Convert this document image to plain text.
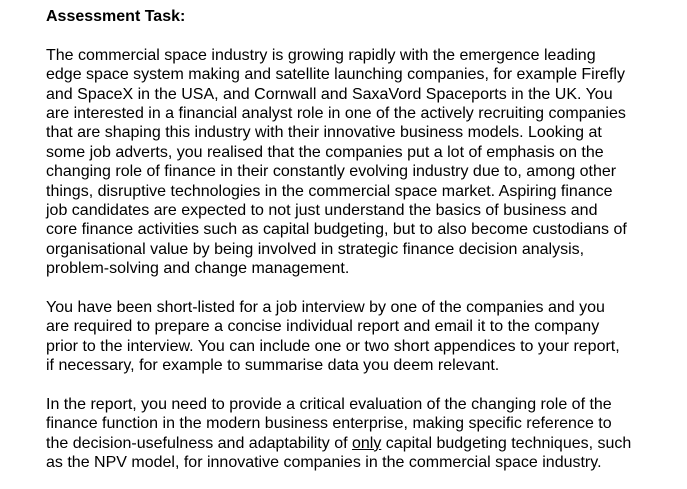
Assessment Task:
The commercial space industry is growing rapidly with the emergence leading
edge space system making and satellite launching companies, for example Firefly
and SpaceX in the USA, and Cornwall and SaxaVord Spaceports in the UK. You
are interested in a financial analyst role in one of the actively recruiting companies
that are shaping this industry with their innovative business models. Looking at
some job adverts, you realised that the companies put a lot of emphasis on the
changing role of finance in their constantly evolving industry due to, among other
things, disruptive technologies in the commercial space market. Aspiring finance
job candidates are expected to not just understand the basics of business and
core finance activities such as capital budgeting, but to also become custodians of
organisational value by being involved in strategic finance decision analysis,
problem-solving and change management.
You have been short-listed for a job interview by one of the companies and you
are required to prepare a concise individual report and email it to the company
prior to the interview. You can include one or two short appendices to your report,
if necessary, for example to summarise data you deem relevant.
In the report, you need to provide a critical evaluation of the changing role of the
finance function in the modern business enterprise, making specific reference to
the decision-usefulness and adaptability of only capital budgeting techniques, such
as the NPV model, for innovative companies in the commercial space industry.
